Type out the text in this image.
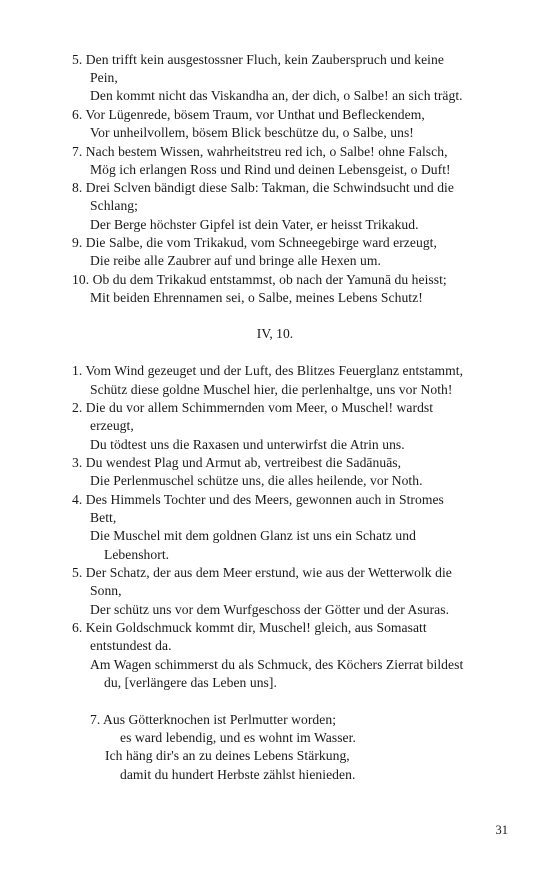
5. Den trifft kein ausgestossner Fluch, kein Zauberspruch und keine
Pein,
Den kommt nicht das Viskandha an, der dich, o Salbe! an sich trägt.
6. Vor Lügenrede, bösem Traum, vor Unthat und Befleckendem,
Vor unheilvollem, bösem Blick beschütze du, o Salbe, uns!
7. Nach bestem Wissen, wahrheitstreu red ich, o Salbe! ohne Falsch,
Mög ich erlangen Ross und Rind und deinen Lebensgeist, o Duft!
8. Drei Sclven bändigt diese Salb: Takman, die Schwindsucht und die
Schlang;
Der Berge höchster Gipfel ist dein Vater, er heisst Trikakud.
9. Die Salbe, die vom Trikakud, vom Schneegebirge ward erzeugt,
Die reibe alle Zaubrer auf und bringe alle Hexen um.
10. Ob du dem Trikakud entstammst, ob nach der Yamunā du heisst;
Mit beiden Ehrennamen sei, o Salbe, meines Lebens Schutz!
IV, 10.
1. Vom Wind gezeuget und der Luft, des Blitzes Feuerglanz entstammt,
Schütz diese goldne Muschel hier, die perlenhaltge, uns vor Noth!
2. Die du vor allem Schimmernden vom Meer, o Muschel! wardst
erzeugt,
Du tödtest uns die Raxasen und unterwirfst die Atrin uns.
3. Du wendest Plag und Armut ab, vertreibest die Sadānuās,
Die Perlenmuschel schütze uns, die alles heilende, vor Noth.
4. Des Himmels Tochter und des Meers, gewonnen auch in Stromes
Bett,
Die Muschel mit dem goldnen Glanz ist uns ein Schatz und
Lebenshort.
5. Der Schatz, der aus dem Meer erstund, wie aus der Wetterwolk die
Sonn,
Der schütz uns vor dem Wurfgeschoss der Götter und der Asuras.
6. Kein Goldschmuck kommt dir, Muschel! gleich, aus Somasatt
entstundest da.
Am Wagen schimmerst du als Schmuck, des Köchers Zierrat bildest
du, [verlängere das Leben uns].
7. Aus Götterknochen ist Perlmutter worden;
es ward lebendig, und es wohnt im Wasser.
Ich häng dir's an zu deines Lebens Stärkung,
damit du hundert Herbste zählst hienieden.
31
